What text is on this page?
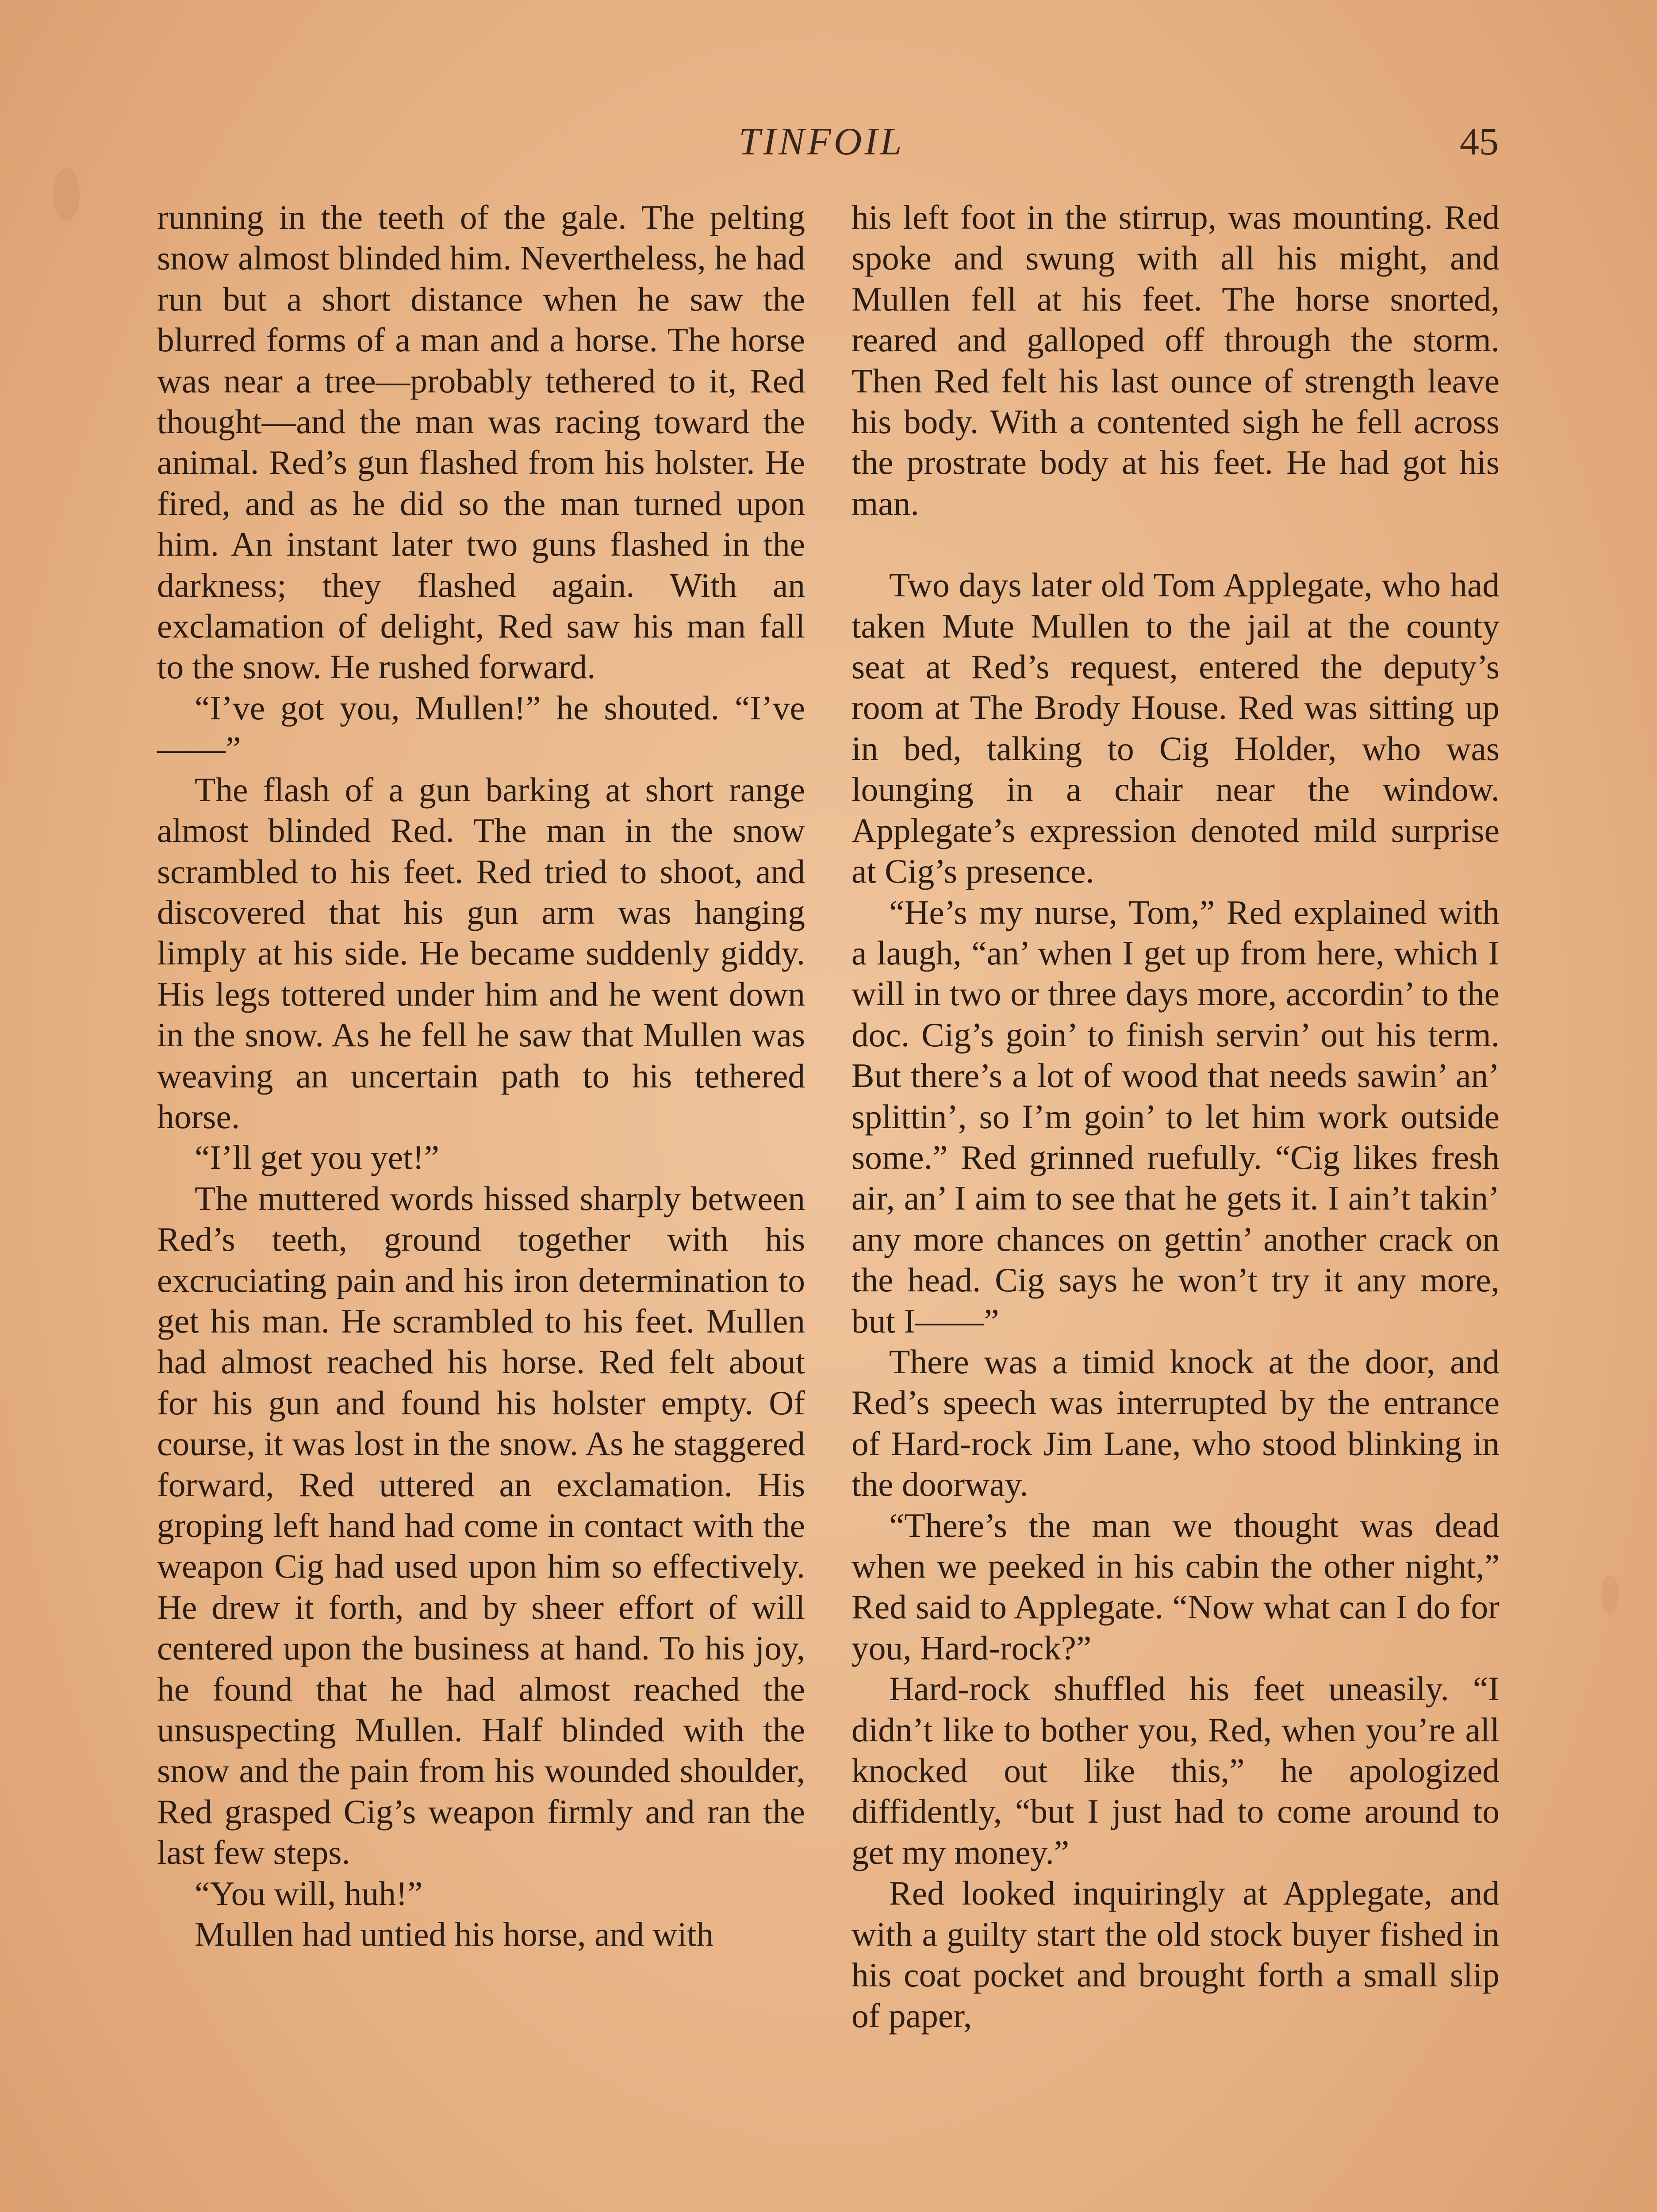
TINFOIL	45

running in the teeth of the gale. The pelting snow almost blinded him. Nevertheless, he had run but a short distance when he saw the blurred forms of a man and a horse. The horse was near a tree—probably tethered to it, Red thought—and the man was racing toward the animal. Red’s gun flashed from his holster. He fired, and as he did so the man turned upon him. An instant later two guns flashed in the darkness; they flashed again. With an exclamation of delight, Red saw his man fall to the snow. He rushed forward.

“I’ve got you, Mullen!” he shouted. “I’ve——”

The flash of a gun barking at short range almost blinded Red. The man in the snow scrambled to his feet. Red tried to shoot, and discovered that his gun arm was hanging limply at his side. He became suddenly giddy. His legs tottered under him and he went down in the snow. As he fell he saw that Mullen was weaving an uncertain path to his tethered horse.

“I’ll get you yet!”

The muttered words hissed sharply between Red’s teeth, ground together with his excruciating pain and his iron determination to get his man. He scrambled to his feet. Mullen had almost reached his horse. Red felt about for his gun and found his holster empty. Of course, it was lost in the snow. As he staggered forward, Red uttered an exclamation. His groping left hand had come in contact with the weapon Cig had used upon him so effectively. He drew it forth, and by sheer effort of will centered upon the business at hand. To his joy, he found that he had almost reached the unsuspecting Mullen. Half blinded with the snow and the pain from his wounded shoulder, Red grasped Cig’s weapon firmly and ran the last few steps.

“You will, huh!”

Mullen had untied his horse, and with

his left foot in the stirrup, was mounting. Red spoke and swung with all his might, and Mullen fell at his feet. The horse snorted, reared and galloped off through the storm. Then Red felt his last ounce of strength leave his body. With a contented sigh he fell across the prostrate body at his feet. He had got his man.

Two days later old Tom Applegate, who had taken Mute Mullen to the jail at the county seat at Red’s request, entered the deputy’s room at The Brody House. Red was sitting up in bed, talking to Cig Holder, who was lounging in a chair near the window. Applegate’s expression denoted mild surprise at Cig’s presence.

“He’s my nurse, Tom,” Red explained with a laugh, “an’ when I get up from here, which I will in two or three days more, accordin’ to the doc. Cig’s goin’ to finish servin’ out his term. But there’s a lot of wood that needs sawin’ an’ splittin’, so I’m goin’ to let him work outside some.” Red grinned ruefully. “Cig likes fresh air, an’ I aim to see that he gets it. I ain’t takin’ any more chances on gettin’ another crack on the head. Cig says he won’t try it any more, but I——”

There was a timid knock at the door, and Red’s speech was interrupted by the entrance of Hard-rock Jim Lane, who stood blinking in the doorway.

“There’s the man we thought was dead when we peeked in his cabin the other night,” Red said to Applegate. “Now what can I do for you, Hard-rock?”

Hard-rock shuffled his feet uneasily. “I didn’t like to bother you, Red, when you’re all knocked out like this,” he apologized diffidently, “but I just had to come around to get my money.”

Red looked inquiringly at Applegate, and with a guilty start the old stock buyer fished in his coat pocket and brought forth a small slip of paper,
